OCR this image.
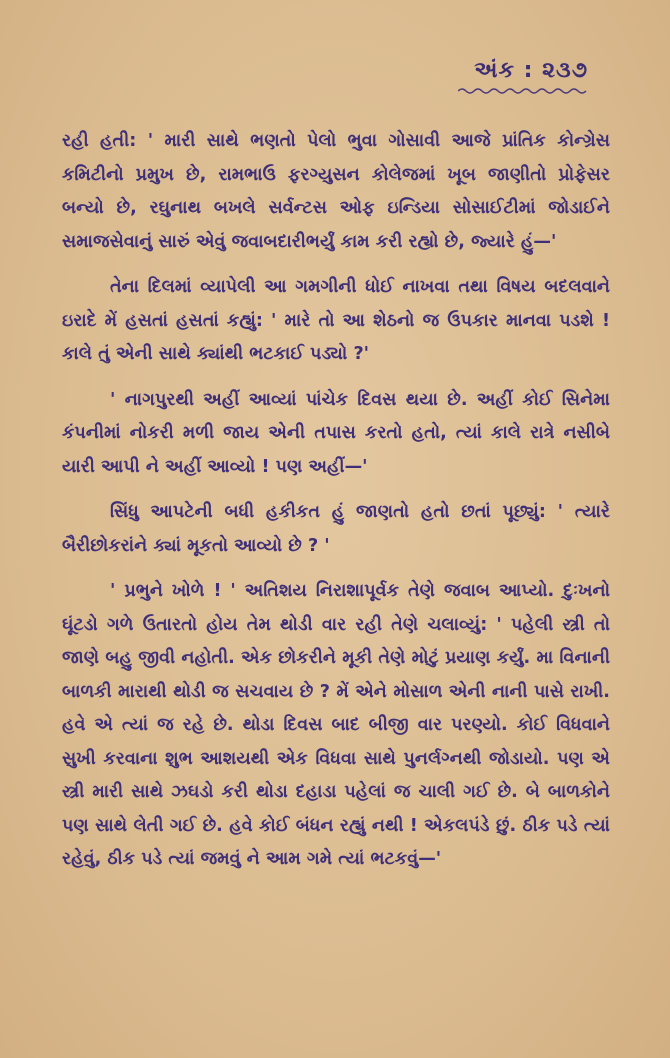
અંક : ૨૩૭

રહી હતી: ' મારી સાથે ભણતો પેલો ભુવા ગોસાવી આજે પ્રાંતિક કોન્ગ્રેસ કમિટીનો પ્રમુખ છે, રામભાઉ ફરગ્યુસન કોલેજમાં ખૂબ જાણીતો પ્રોફેસર બન્યો છે, રઘુનાથ બખલે સર્વન્ટસ ઓફ ઇન્ડિયા સોસાઈટીમાં જોડાઈને સમાજસેવાનું સારું એવું જવાબદારીભર્યું કામ કરી રહ્યો છે, જ્યારે હું—'

તેના દિલમાં વ્યાપેલી આ ગમગીની ધોઈ નાખવા તથા વિષય બદલવાને ઇરાદે મેં હસતાં હસતાં કહ્યું: ' મારે તો આ શેઠનો જ ઉપકાર માનવા પડશે ! કાલે તું એની સાથે ક્યાંથી ભટકાઈ પડ્યો ?'

' નાગપુરથી અહીં આવ્યાં પાંચેક દિવસ થયા છે. અહીં કોઈ સિનેમા કંપનીમાં નોકરી મળી જાય એની તપાસ કરતો હતો, ત્યાં કાલે રાત્રે નસીબે યારી આપી ને અહીં આવ્યો ! પણ અહીં—'

સિંધુ આપટેની બધી હકીકત હું જાણતો હતો છતાં પૂછ્યું: ' ત્યારે બૈરીછોકરાંને ક્યાં મૂકતો આવ્યો છે ? '

' પ્રભુને ખોળે ! ' અતિશય નિરાશાપૂર્વક તેણે જવાબ આપ્યો. દુઃખનો ઘૂંટડો ગળે ઉતારતો હોય તેમ થોડી વાર રહી તેણે ચલાવ્યું: ' પહેલી સ્ત્રી તો જાણે બહુ જીવી નહોતી. એક છોકરીને મૂકી તેણે મોટું પ્રયાણ કર્યું. મા વિનાની બાળકી મારાથી થોડી જ સચવાય છે ? મેં એને મોસાળ એની નાની પાસે રાખી. હવે એ ત્યાં જ રહે છે. થોડા દિવસ બાદ બીજી વાર પરણ્યો. કોઈ વિધવાને સુખી કરવાના શુભ આશયથી એક વિધવા સાથે પુનર્લગ્નથી જોડાયો. પણ એ સ્ત્રી મારી સાથે ઝઘડો કરી થોડા દહાડા પહેલાં જ ચાલી ગઈ છે. બે બાળકોને પણ સાથે લેતી ગઈ છે. હવે કોઈ બંધન રહ્યું નથી ! એકલપંડે છું. ઠીક પડે ત્યાં રહેવું, ઠીક પડે ત્યાં જમવું ને આમ ગમે ત્યાં ભટકવું—'
